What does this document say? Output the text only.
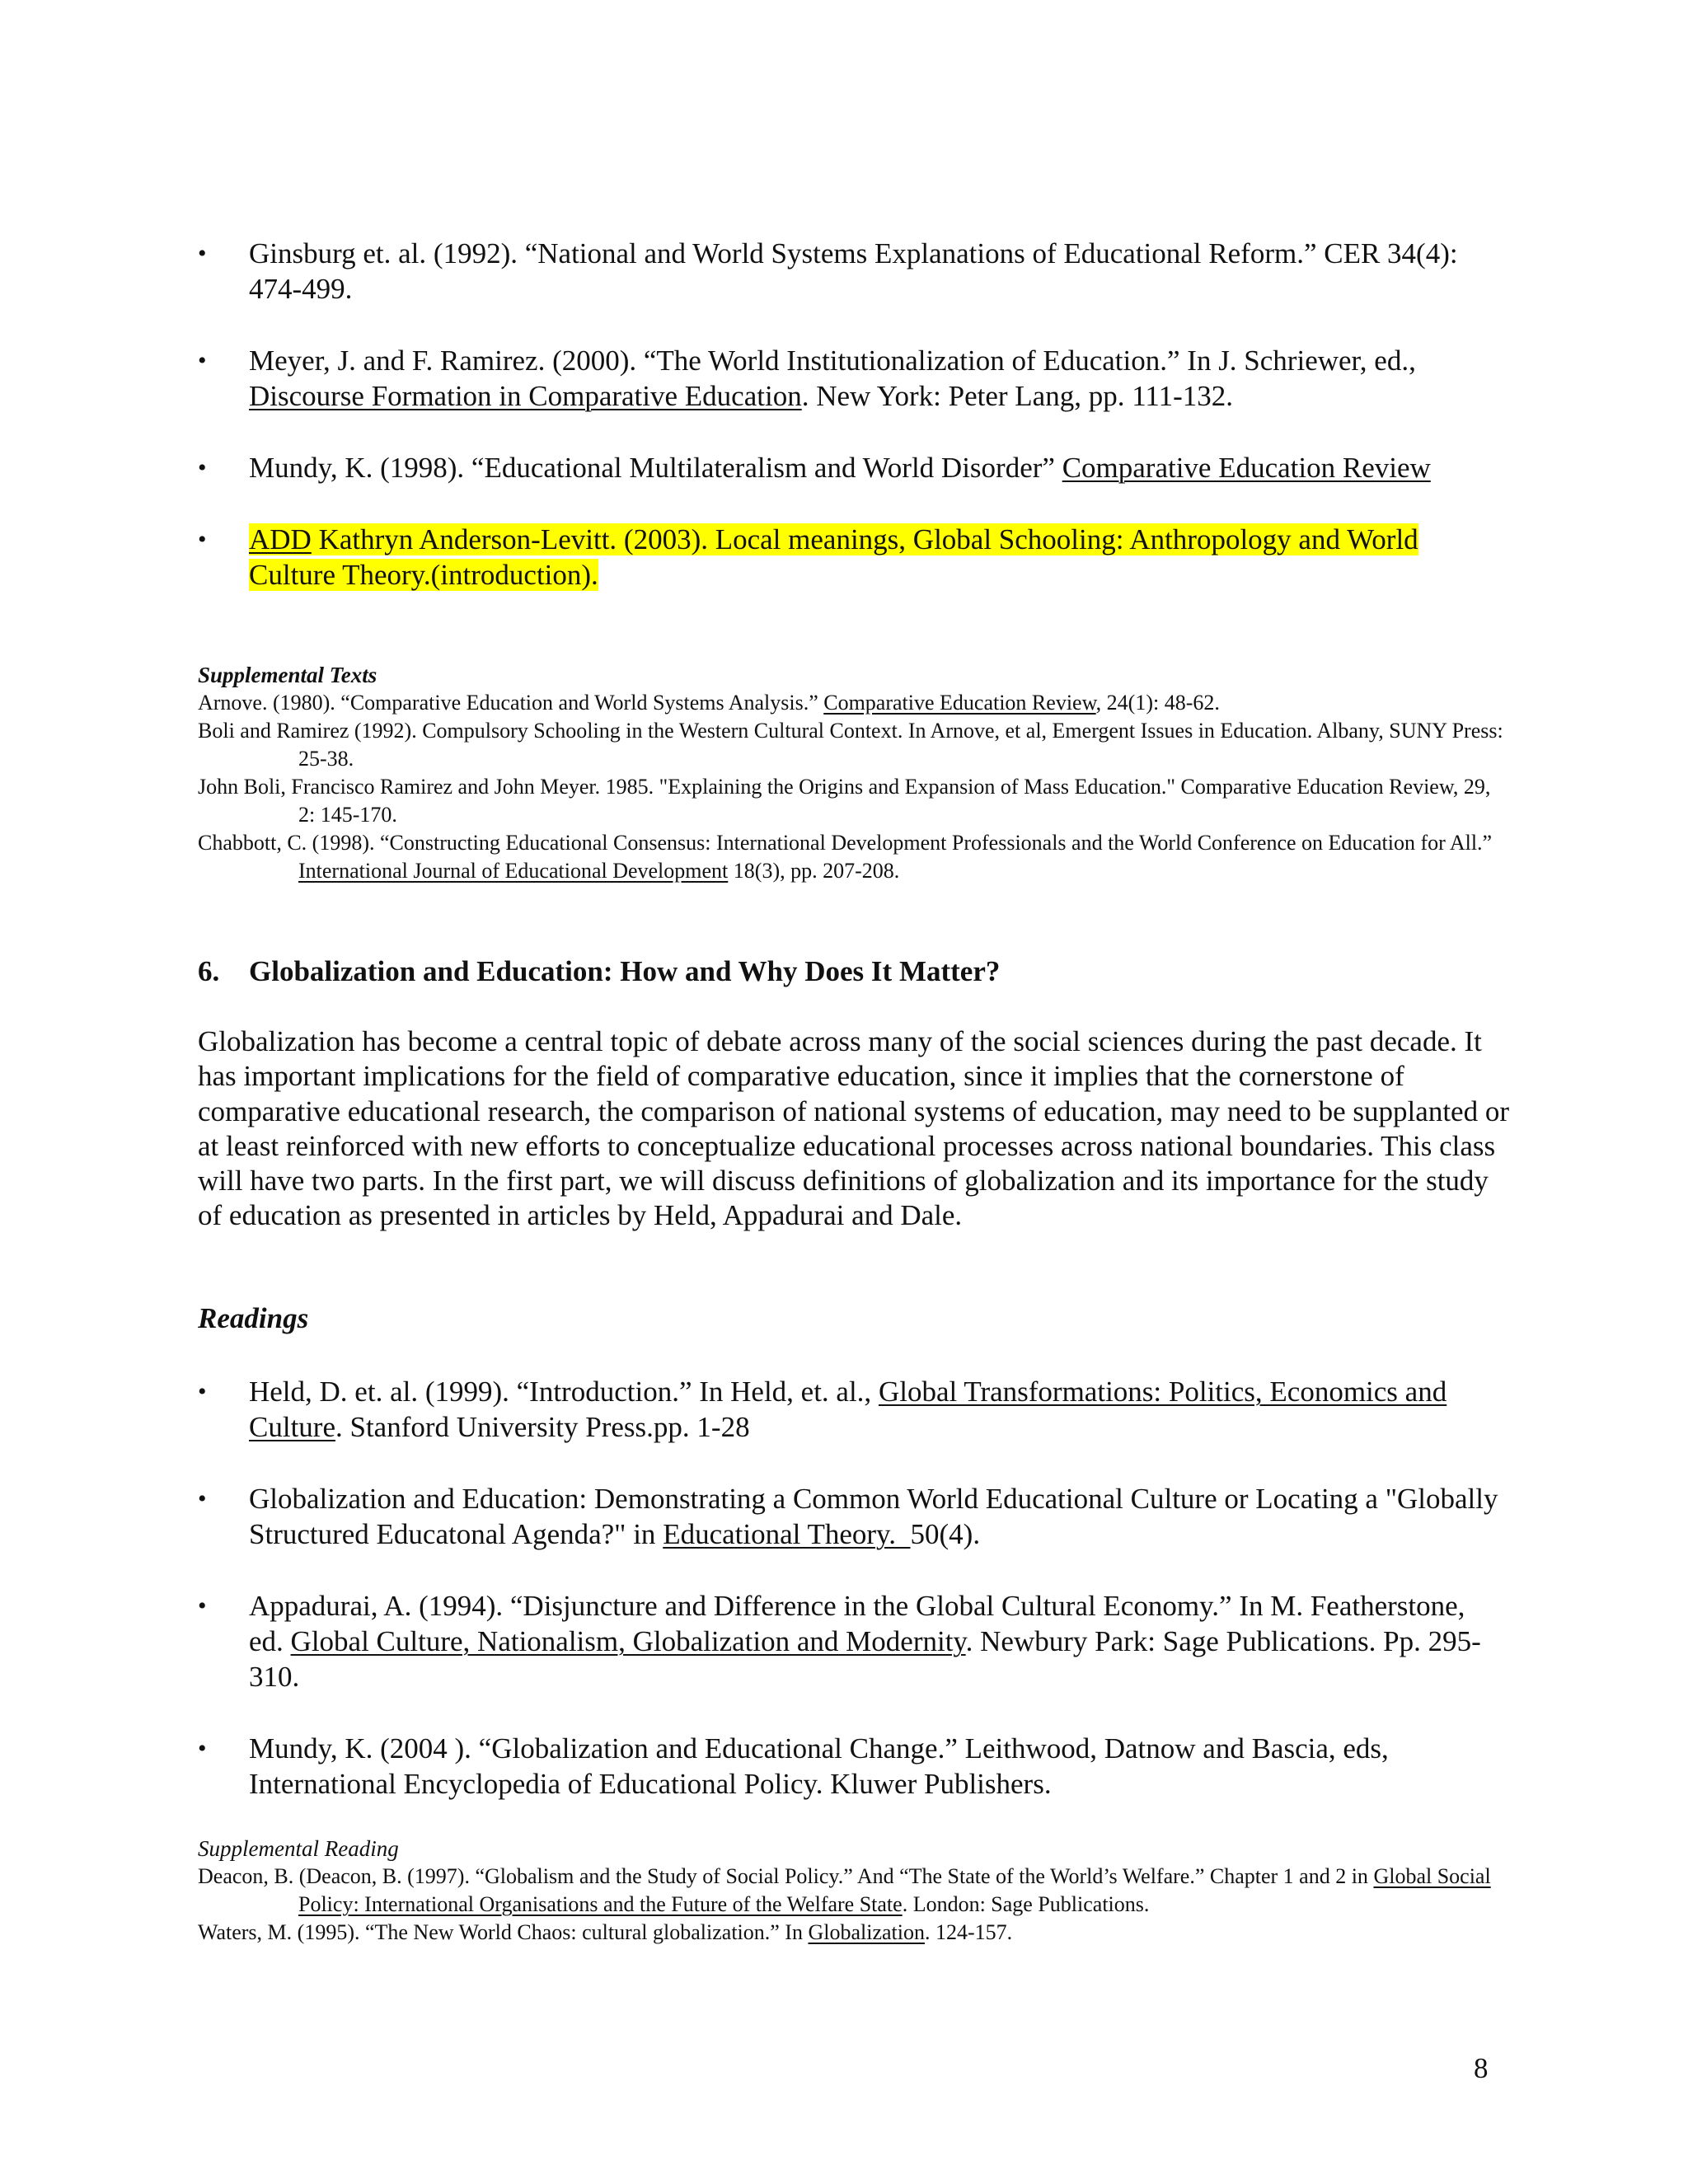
•	Ginsburg et. al. (1992). “National and World Systems Explanations of Educational Reform.” CER 34(4): 474-499.
•	Meyer, J. and F. Ramirez. (2000). “The World Institutionalization of Education.” In J. Schriewer, ed., Discourse Formation in Comparative Education. New York: Peter Lang, pp. 111-132.
•	Mundy, K. (1998). “Educational Multilateralism and World Disorder” Comparative Education Review
•	ADD Kathryn Anderson-Levitt. (2003). Local meanings, Global Schooling: Anthropology and World Culture Theory.(introduction).

Supplemental Texts

Arnove. (1980). “Comparative Education and World Systems Analysis.” Comparative Education Review, 24(1): 48-62.

Boli and Ramirez (1992). Compulsory Schooling in the Western Cultural Context. In Arnove, et al, Emergent Issues in Education. Albany, SUNY Press: 25-38.

John Boli, Francisco Ramirez and John Meyer. 1985. "Explaining the Origins and Expansion of Mass Education." Comparative Education Review, 29, 2: 145-170.

Chabbott, C. (1998). “Constructing Educational Consensus: International Development Professionals and the World Conference on Education for All.” International Journal of Educational Development 18(3), pp. 207-208.

6. Globalization and Education: How and Why Does It Matter?

Globalization has become a central topic of debate across many of the social sciences during the past decade. It has important implications for the field of comparative education, since it implies that the cornerstone of comparative educational research, the comparison of national systems of education, may need to be supplanted or at least reinforced with new efforts to conceptualize educational processes across national boundaries. This class will have two parts. In the first part, we will discuss definitions of globalization and its importance for the study of education as presented in articles by Held, Appadurai and Dale.

Readings
•	Held, D. et. al. (1999). “Introduction.” In Held, et. al., Global Transformations: Politics, Economics and Culture. Stanford University Press.pp. 1-28
•	Globalization and Education: Demonstrating a Common World Educational Culture or Locating a "Globally Structured Educatonal Agenda?" in Educational Theory.  50(4).
•	Appadurai, A. (1994). “Disjuncture and Difference in the Global Cultural Economy.” In M. Featherstone, ed. Global Culture, Nationalism, Globalization and Modernity. Newbury Park: Sage Publications. Pp. 295-310.
•	Mundy, K. (2004 ). “Globalization and Educational Change.” Leithwood, Datnow and Bascia, eds, International Encyclopedia of Educational Policy. Kluwer Publishers.

Supplemental Reading

Deacon, B. (Deacon, B. (1997). “Globalism and the Study of Social Policy.” And “The State of the World’s Welfare.” Chapter 1 and 2 in Global Social Policy: International Organisations and the Future of the Welfare State. London: Sage Publications.

Waters, M. (1995). “The New World Chaos: cultural globalization.” In Globalization. 124-157.

8
